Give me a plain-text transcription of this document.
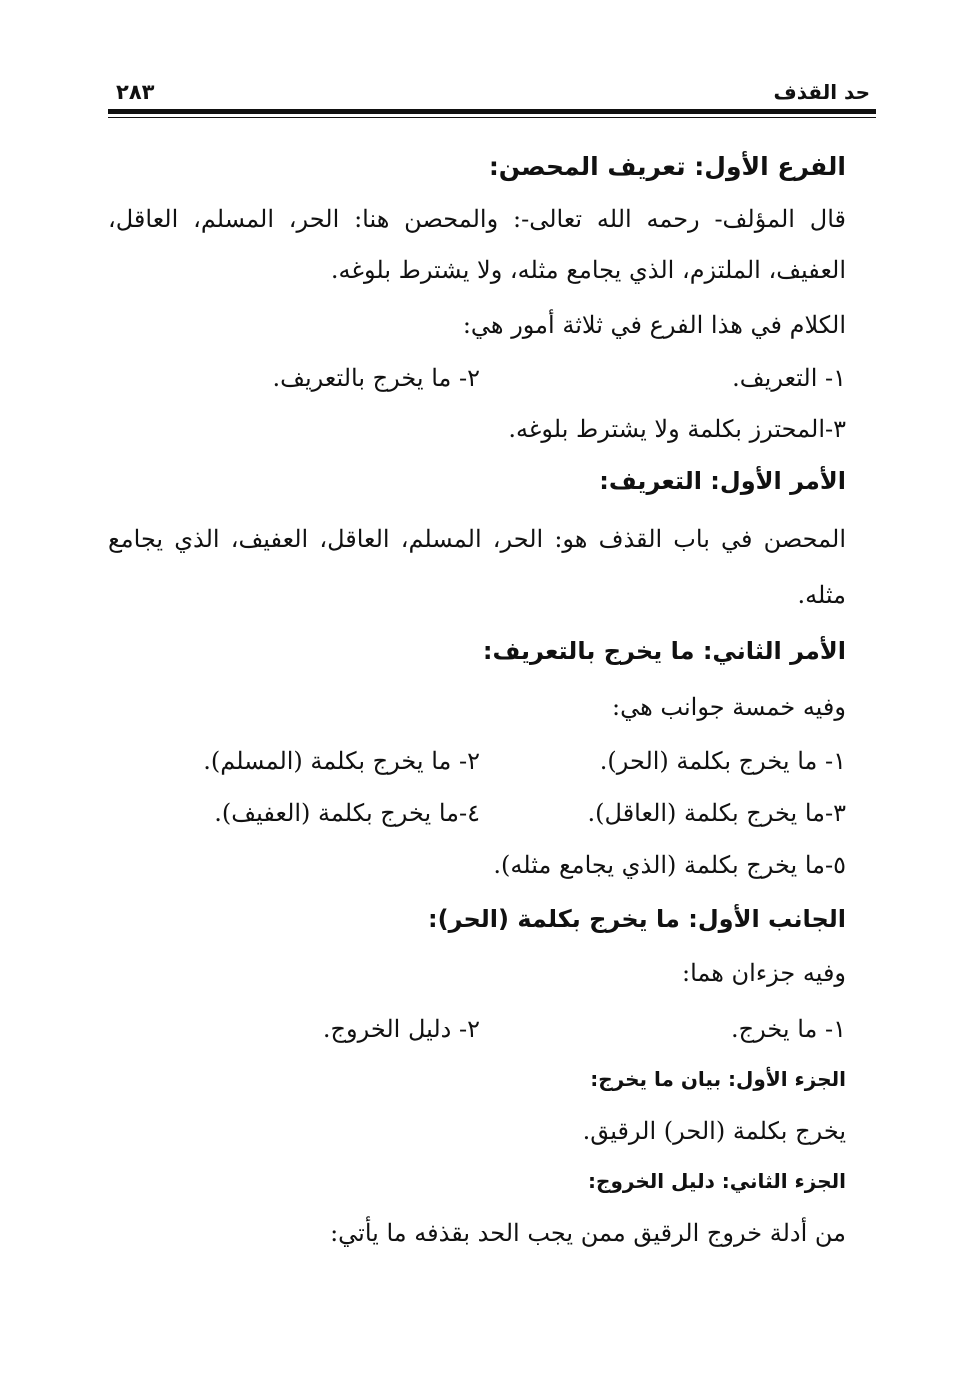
حد القذف
٢٨٣
الفرع الأول: تعريف المحصن:
قال المؤلف- رحمه الله تعالى-: والمحصن هنا: الحر، المسلم، العاقل،
العفيف، الملتزم، الذي يجامع مثله، ولا يشترط بلوغه.
الكلام في هذا الفرع في ثلاثة أمور هي:
١- التعريف.
٢- ما يخرج بالتعريف.
٣-المحترز بكلمة ولا يشترط بلوغه.
الأمر الأول: التعريف:
المحصن في باب القذف هو: الحر، المسلم، العاقل، العفيف، الذي يجامع
مثله.
الأمر الثاني: ما يخرج بالتعريف:
وفيه خمسة جوانب هي:
١- ما يخرج بكلمة (الحر).
٢- ما يخرج بكلمة (المسلم).
٣-ما يخرج بكلمة (العاقل).
٤-ما يخرج بكلمة (العفيف).
٥-ما يخرج بكلمة (الذي يجامع مثله).
الجانب الأول: ما يخرج بكلمة (الحر):
وفيه جزءان هما:
١- ما يخرج.
٢- دليل الخروج.
الجزء الأول: بيان ما يخرج:
يخرج بكلمة (الحر) الرقيق.
الجزء الثاني: دليل الخروج:
من أدلة خروج الرقيق ممن يجب الحد بقذفه ما يأتي:
